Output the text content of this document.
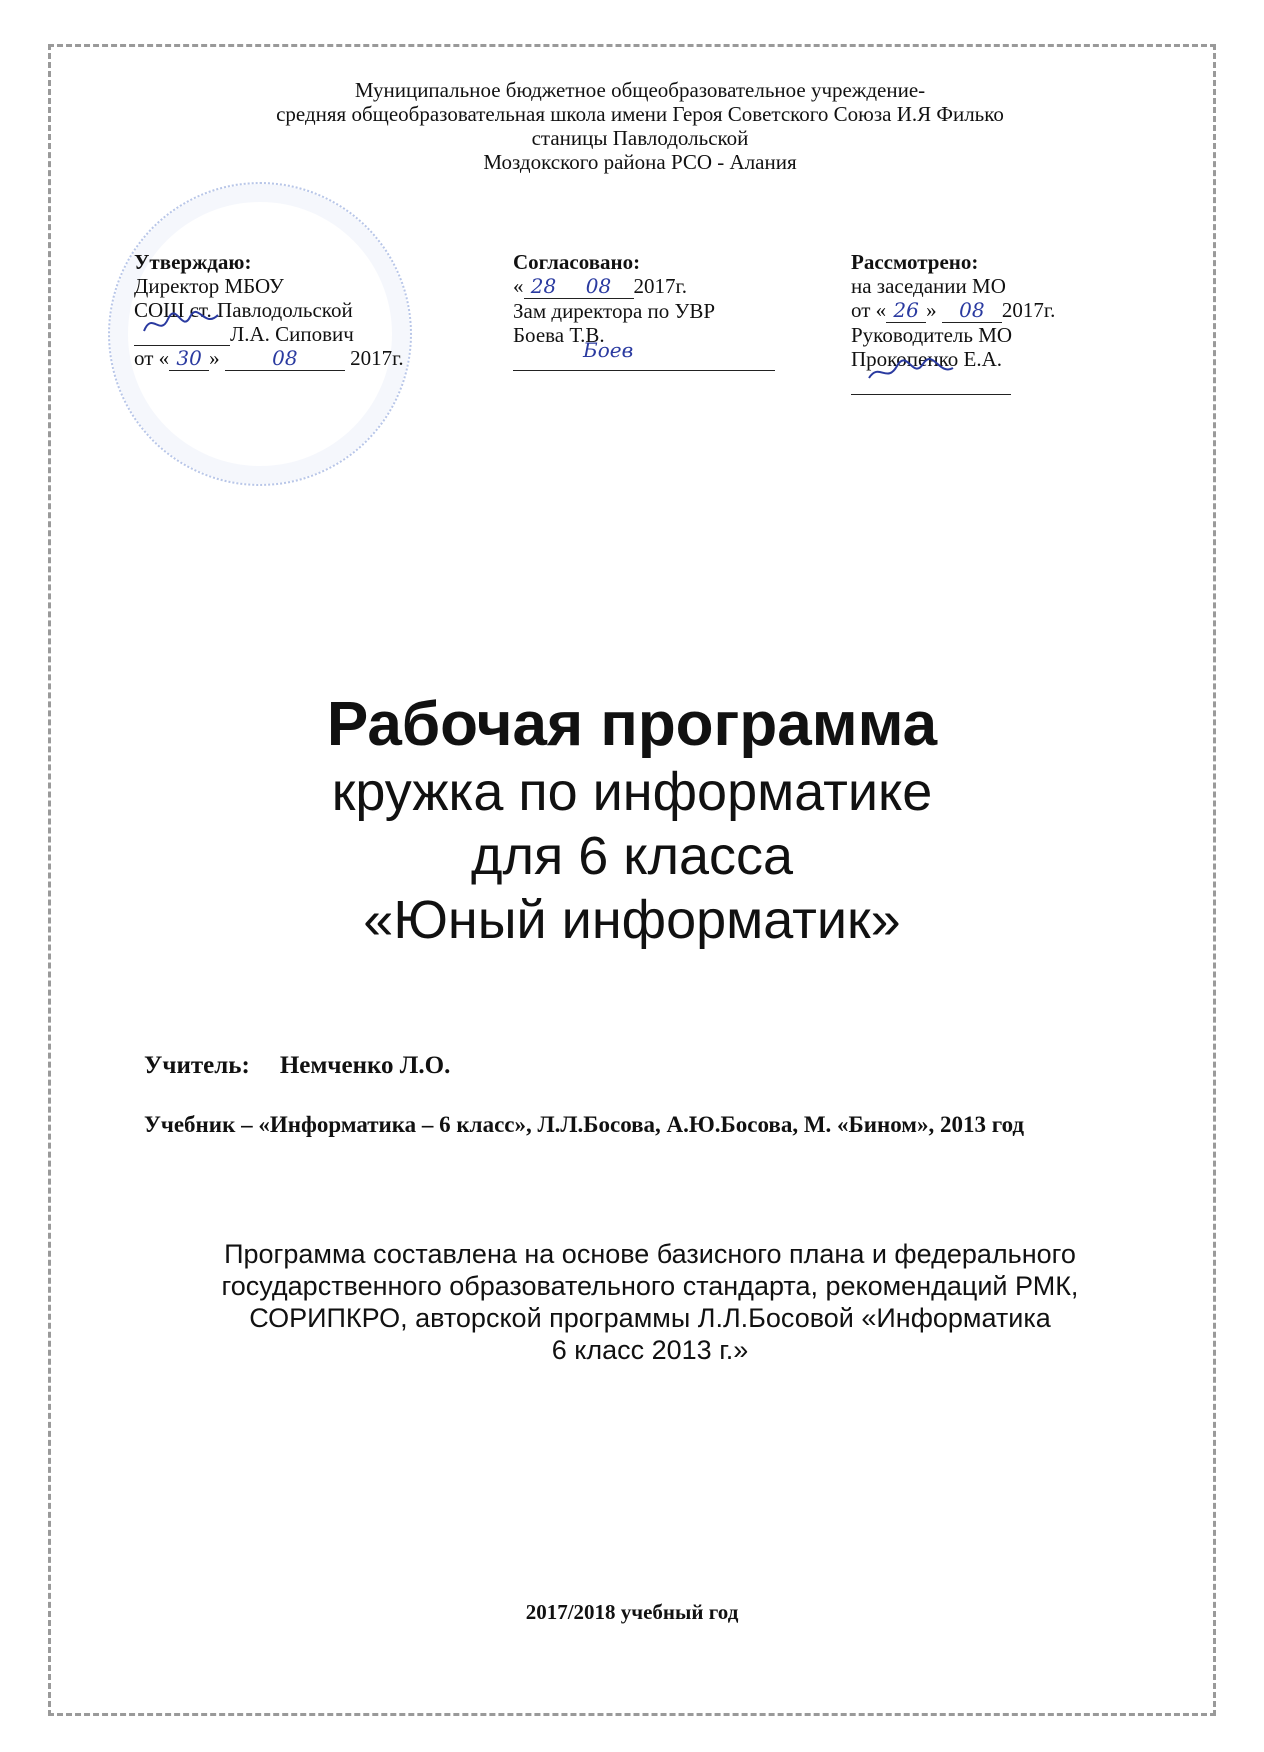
Муниципальное бюджетное общеобразовательное учреждение-
средняя общеобразовательная школа имени Героя Советского Союза И.Я Филько
станицы Павлодольской
Моздокского района РСО - Алания
Утверждаю:
Директор МБОУ
СОШ ст. Павлодольской
Л.А. Сипович
от « 30 » 08	2017г.
Согласовано:
« 28 08 2017г.
Зам директора по УВР
Боева Т.В.
Боев
Рассмотрено:
на заседании МО
от « 26 » 08 2017г.
Руководитель МО
Прокопенко Е.А.
Рабочая программа
кружка по информатике
для 6 класса
«Юный информатик»
Учитель: Немченко Л.О.
Учебник – «Информатика – 6 класс», Л.Л.Босова, А.Ю.Босова, М. «Бином», 2013 год
Программа составлена на основе базисного плана и федерального
государственного образовательного стандарта, рекомендаций РМК,
СОРИПКРО, авторской программы Л.Л.Босовой «Информатика
6 класс 2013 г.»
2017/2018 учебный год
